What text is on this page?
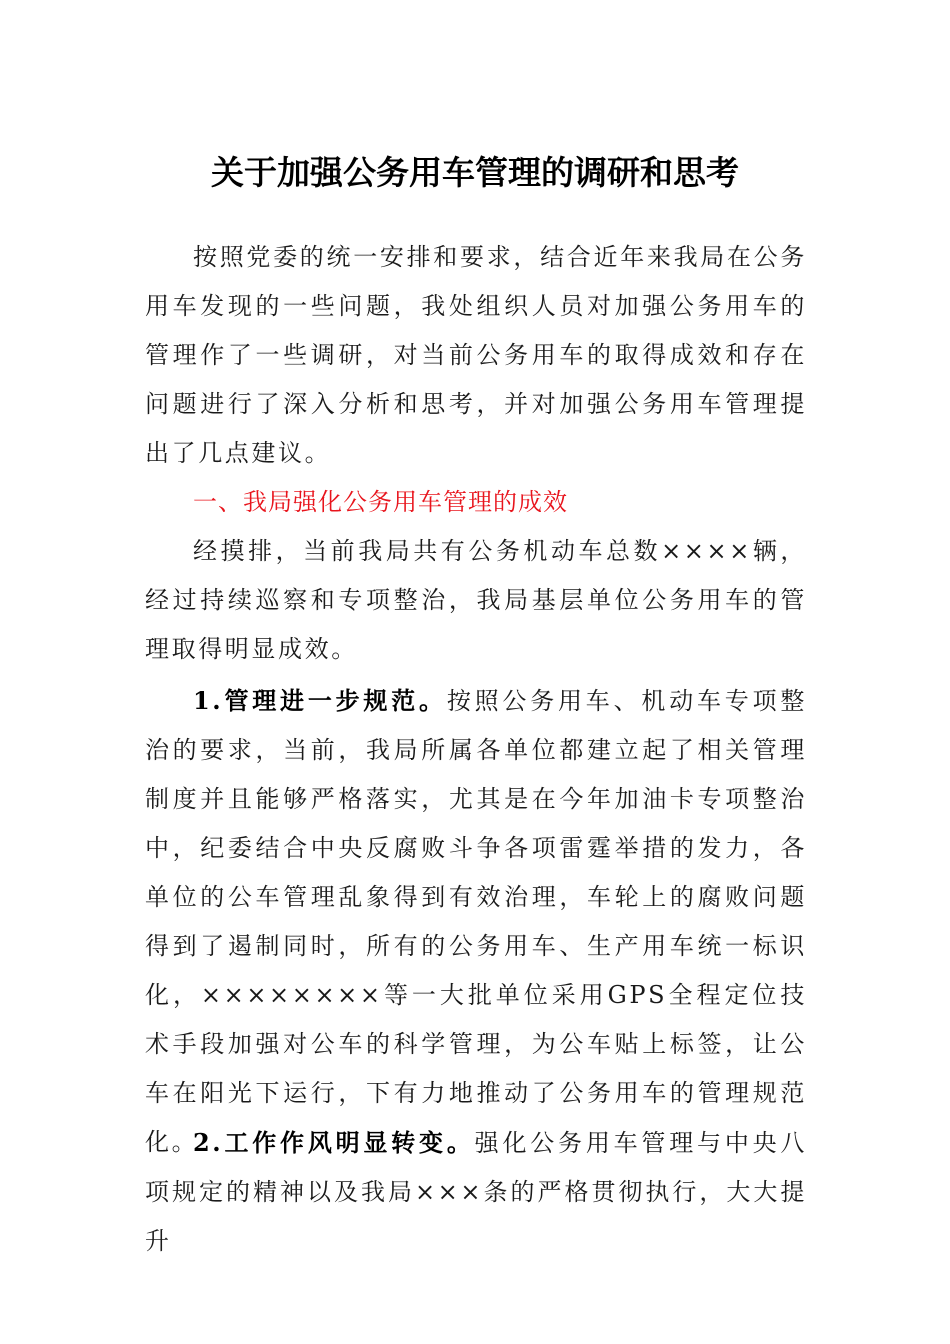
关于加强公务用车管理的调研和思考

按照党委的统一安排和要求，结合近年来我局在公务用车发现的一些问题，我处组织人员对加强公务用车的管理作了一些调研，对当前公务用车的取得成效和存在问题进行了深入分析和思考，并对加强公务用车管理提出了几点建议。

一、我局强化公务用车管理的成效

经摸排，当前我局共有公务机动车总数××××辆，经过持续巡察和专项整治，我局基层单位公务用车的管理取得明显成效。

1.管理进一步规范。按照公务用车、机动车专项整治的要求，当前，我局所属各单位都建立起了相关管理制度并且能够严格落实，尤其是在今年加油卡专项整治中，纪委结合中央反腐败斗争各项雷霆举措的发力，各单位的公车管理乱象得到有效治理，车轮上的腐败问题得到了遏制同时，所有的公务用车、生产用车统一标识化，××××××××等一大批单位采用GPS全程定位技术手段加强对公车的科学管理，为公车贴上标签，让公车在阳光下运行，下有力地推动了公务用车的管理规范化。

2.工作作风明显转变。强化公务用车管理与中央八项规定的精神以及我局×××条的严格贯彻执行，大大提升
